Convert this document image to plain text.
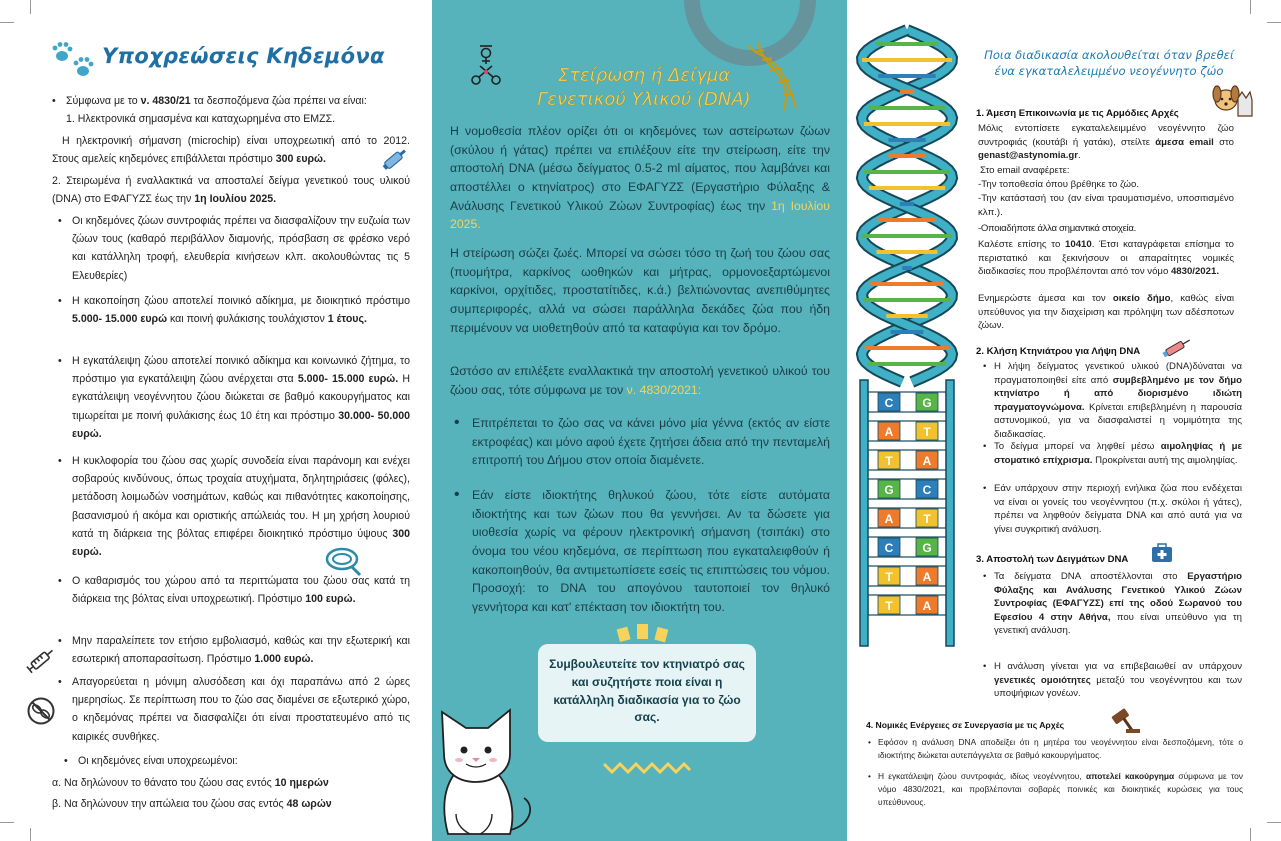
Υποχρεώσεις Κηδεμόνα
• Σύμφωνα με το ν. 4830/21 τα δεσποζόμενα ζώα πρέπει να είναι:
1. Ηλεκτρονικά σημασμένα και καταχωρημένα στο ΕΜΖΣ.
Η ηλεκτρονική σήμανση (microchip) είναι υποχρεωτική από το 2012. Στους αμελείς κηδεμόνες επιβάλλεται πρόστιμο 300 ευρώ.
2. Στειρωμένα ή εναλλακτικά να αποσταλεί δείγμα γενετικού τους υλικού (DNA) στο ΕΦΑΓΥΖΣ έως την 1η Ιουλίου 2025.
• Οι κηδεμόνες ζώων συντροφιάς πρέπει να διασφαλίζουν την ευζωία των ζώων τους (καθαρό περιβάλλον διαμονής, πρόσβαση σε φρέσκο νερό και κατάλληλη τροφή, ελευθερία κινήσεων κλπ. ακολουθώντας τις 5 Ελευθερίες)
• Η κακοποίηση ζώου αποτελεί ποινικό αδίκημα, με διοικητικό πρόστιμο 5.000- 15.000 ευρώ και ποινή φυλάκισης τουλάχιστον 1 έτους.
• Η εγκατάλειψη ζώου αποτελεί ποινικό αδίκημα και κοινωνικό ζήτημα, το πρόστιμο για εγκατάλειψη ζώου ανέρχεται στα 5.000- 15.000 ευρώ. Η εγκατάλειψη νεογέννητου ζώου διώκεται σε βαθμό κακουργήματος και τιμωρείται με ποινή φυλάκισης έως 10 έτη και πρόστιμο 30.000- 50.000 ευρώ.
• Η κυκλοφορία του ζώου σας χωρίς συνοδεία είναι παράνομη και ενέχει σοβαρούς κινδύνους, όπως τροχαία ατυχήματα, δηλητηριάσεις (φόλες), μετάδοση λοιμωδών νοσημάτων, καθώς και πιθανότητες κακοποίησης, βασανισμού ή ακόμα και οριστικής απώλειάς του. Η μη χρήση λουριού κατά τη διάρκεια της βόλτας επιφέρει διοικητικό πρόστιμο ύψους 300 ευρώ.
• Ο καθαρισμός του χώρου από τα περιττώματα του ζώου σας κατά τη διάρκεια της βόλτας είναι υποχρεωτική. Πρόστιμο 100 ευρώ.
• Μην παραλείπετε τον ετήσιο εμβολιασμό, καθώς και την εξωτερική και εσωτερική αποπαρασίτωση. Πρόστιμο 1.000 ευρώ.
• Απαγορεύεται η μόνιμη αλυσόδεση και όχι παραπάνω από 2 ώρες ημερησίως. Σε περίπτωση που το ζώο σας διαμένει σε εξωτερικό χώρο, ο κηδεμόνας πρέπει να διασφαλίζει ότι είναι προστατευμένο από τις καιρικές συνθήκες.
• Οι κηδεμόνες είναι υποχρεωμένοι:
α. Να δηλώνουν το θάνατο του ζώου σας εντός 10 ημερών
β. Να δηλώνουν την απώλεια του ζώου σας εντός 48 ωρών
Στείρωση ή Δείγμα
Γενετικού Υλικού (DNA)
Η νομοθεσία πλέον ορίζει ότι οι κηδεμόνες των αστείρωτων ζώων (σκύλου ή γάτας) πρέπει να επιλέξουν είτε την στείρωση, είτε την αποστολή DNA (μέσω δείγματος 0.5-2 ml αίματος, που λαμβάνει και αποστέλλει ο κτηνίατρος) στο ΕΦΑΓΥΖΣ (Εργαστήριο Φύλαξης & Ανάλυσης Γενετικού Υλικού Ζώων Συντροφίας) έως την 1η Ιουλίου 2025.
Η στείρωση σώζει ζωές. Μπορεί να σώσει τόσο τη ζωή του ζώου σας (πυομήτρα, καρκίνος ωοθηκών και μήτρας, ορμονοεξαρτώμενοι καρκίνοι, ορχίτιδες, προστατίτιδες, κ.ά.) βελτιώνοντας ανεπιθύμητες συμπεριφορές, αλλά να σώσει παράλληλα δεκάδες ζώα που ήδη περιμένουν να υιοθετηθούν από τα καταφύγια και τον δρόμο.
Ωστόσο αν επιλέξετε εναλλακτικά την αποστολή γενετικού υλικού του ζώου σας, τότε σύμφωνα με τον ν. 4830/2021:
• Επιτρέπεται το ζώο σας να κάνει μόνο μία γέννα (εκτός αν είστε εκτροφέας) και μόνο αφού έχετε ζητήσει άδεια από την πενταμελή επιτροπή του Δήμου στον οποία διαμένετε.
• Εάν είστε ιδιοκτήτης θηλυκού ζώου, τότε είστε αυτόματα ιδιοκτήτης και των ζώων που θα γεννήσει. Αν τα δώσετε για υιοθεσία χωρίς να φέρουν ηλεκτρονική σήμανση (τσιπάκι) στο όνομα του νέου κηδεμόνα, σε περίπτωση που εγκαταλειφθούν ή κακοποιηθούν, θα αντιμετωπίσετε εσείς τις επιπτώσεις του νόμου. Προσοχή: το DNA του απογόνου ταυτοποιεί τον θηλυκό γεννήτορα και κατ' επέκταση τον ιδιοκτήτη του.
Συμβουλευτείτε τον κτηνιατρό σας και συζητήστε ποια είναι η κατάλληλη διαδικασία για το ζώο σας.
C G
A T
T A
G C
A T
C G
T A
T A
Ποια διαδικασία ακολουθείται όταν βρεθεί
ένα εγκαταλελειμμένο νεογέννητο ζώο
1. Άμεση Επικοινωνία με τις Αρμόδιες Αρχές
Μόλις εντοπίσετε εγκαταλελειμμένο νεογέννητο ζώο συντροφιάς (κουτάβι ή γατάκι), στείλτε άμεσα email στο genast@astynomia.gr.
Στο email αναφέρετε:
-Την τοποθεσία όπου βρέθηκε το ζώο.
-Την κατάστασή του (αν είναι τραυματισμένο, υποσιτισμένο κλπ.).
-Οποιαδήποτε άλλα σημαντικά στοιχεία.
Καλέστε επίσης το 10410. Έτσι καταγράφεται επίσημα το περιστατικό και ξεκινήσουν οι απαραίτητες νομικές διαδικασίες που προβλέπονται από τον νόμο 4830/2021.
Ενημερώστε άμεσα και τον οικείο δήμο, καθώς είναι υπεύθυνος για την διαχείριση και πρόληψη των αδέσποτων ζώων.
2. Κλήση Κτηνιάτρου για Λήψη DNA
• Η λήψη δείγματος γενετικού υλικού (DNA)δύναται να πραγματοποιηθεί είτε από συμβεβλημένο με τον δήμο κτηνίατρο ή από διορισμένο ιδιώτη πραγματογνώμονα. Κρίνεται επιβεβλημένη η παρουσία αστυνομικού, για να διασφαλιστεί η νομιμότητα της διαδικασίας.
• Το δείγμα μπορεί να ληφθεί μέσω αιμοληψίας ή με στοματικό επίχρισμα. Προκρίνεται αυτή της αιμοληψίας.
• Εάν υπάρχουν στην περιοχή ενήλικα ζώα που ενδέχεται να είναι οι γονείς του νεογέννητου (π.χ. σκύλοι ή γάτες), πρέπει να ληφθούν δείγματα DNA και από αυτά για να γίνει συγκριτική ανάλυση.
3. Αποστολή των Δειγμάτων DNA
• Τα δείγματα DNA αποστέλλονται στο Εργαστήριο Φύλαξης και Ανάλυσης Γενετικού Υλικού Ζώων Συντροφίας (ΕΦΑΓΥΖΣ) επί της οδού Σωρανού του Εφεσίου 4 στην Αθήνα, που είναι υπεύθυνο για τη γενετική ανάλυση.
• Η ανάλυση γίνεται για να επιβεβαιωθεί αν υπάρχουν γενετικές ομοιότητες μεταξύ του νεογέννητου και των υποψήφιων γονέων.
4. Νομικές Ενέργειες σε Συνεργασία με τις Αρχές
• Εφόσον η ανάλυση DNA αποδείξει ότι η μητέρα του νεογέννητου είναι δεσποζόμενη, τότε ο ιδιοκτήτης διώκεται αυτεπάγγελτα σε βαθμό κακουργήματος.
• Η εγκατάλειψη ζώου συντροφιάς, ιδίως νεογέννητου, αποτελεί κακούργημα σύμφωνα με τον νόμο 4830/2021, και προβλέπονται σοβαρές ποινικές και διοικητικές κυρώσεις για τους υπεύθυνους.
